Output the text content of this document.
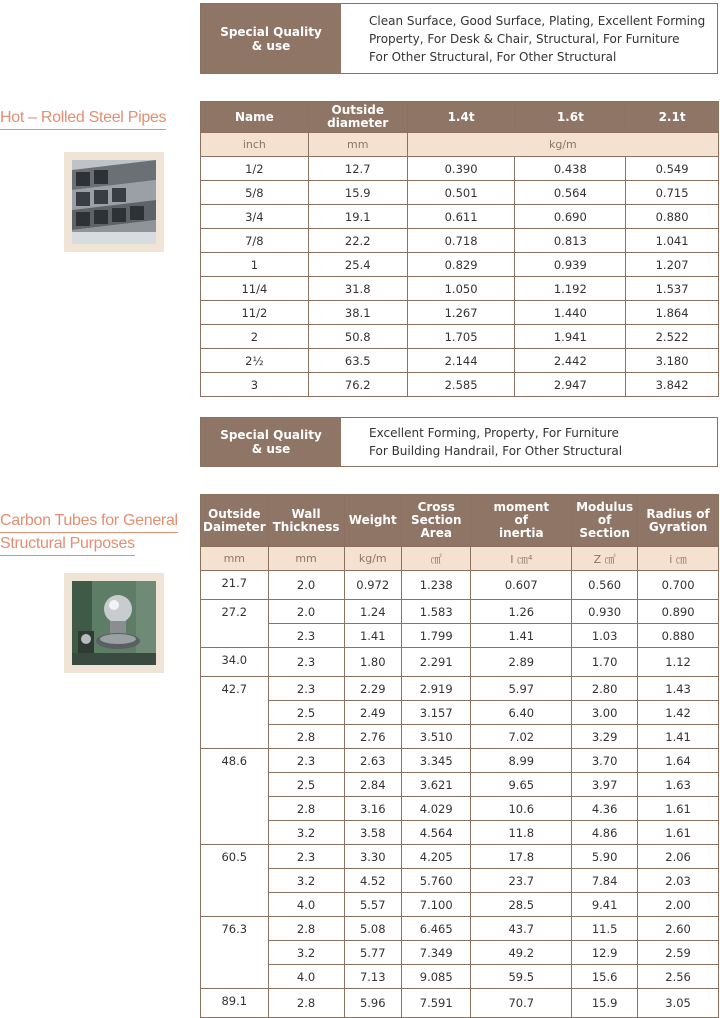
Special Quality
& use
Clean Surface, Good Surface, Plating, Excellent Forming
Property, For Desk & Chair, Structural, For Furniture
For Other Structural, For Other Structural
Hot – Rolled Steel Pipes	Name	Outside diameter	1.4t	1.6t	2.1t
inch	mm	kg/m		
1/2	12.7	0.390	0.438	0.549
5/8	15.9	0.501	0.564	0.715
3/4	19.1	0.611	0.690	0.880
7/8	22.2	0.718	0.813	1.041
1	25.4	0.829	0.939	1.207
11/4	31.8	1.050	1.192	1.537
11/2	38.1	1.267	1.440	1.864
2	50.8	1.705	1.941	2.522
2½	63.5	2.144	2.442	3.180
3	76.2	2.585	2.947	3.842
Special Quality
& use
Excellent Forming, Property, For Furniture
For Building Handrail, For Other Structural
Carbon Tubes for General
Structural Purposes
Outside Daimeter	Wall Thickness	Weight	Cross Section Area	moment of inertia	Modulus of Section	Radius of Gyration
mm	mm	kg/m	㎠	I ㎝⁴	Z ㎤	i ㎝
21.7	2.0	0.972	1.238	0.607	0.560	0.700
27.2	2.0	1.24	1.583	1.26	0.930	0.890
	2.3	1.41	1.799	1.41	1.03	0.880
34.0	2.3	1.80	2.291	2.89	1.70	1.12
42.7	2.3	2.29	2.919	5.97	2.80	1.43
	2.5	2.49	3.157	6.40	3.00	1.42
	2.8	2.76	3.510	7.02	3.29	1.41
48.6	2.3	2.63	3.345	8.99	3.70	1.64
	2.5	2.84	3.621	9.65	3.97	1.63
	2.8	3.16	4.029	10.6	4.36	1.61
	3.2	3.58	4.564	11.8	4.86	1.61
60.5	2.3	3.30	4.205	17.8	5.90	2.06
	3.2	4.52	5.760	23.7	7.84	2.03
	4.0	5.57	7.100	28.5	9.41	2.00
76.3	2.8	5.08	6.465	43.7	11.5	2.60
	3.2	5.77	7.349	49.2	12.9	2.59
	4.0	7.13	9.085	59.5	15.6	2.56
89.1	2.8	5.96	7.591	70.7	15.9	3.05
